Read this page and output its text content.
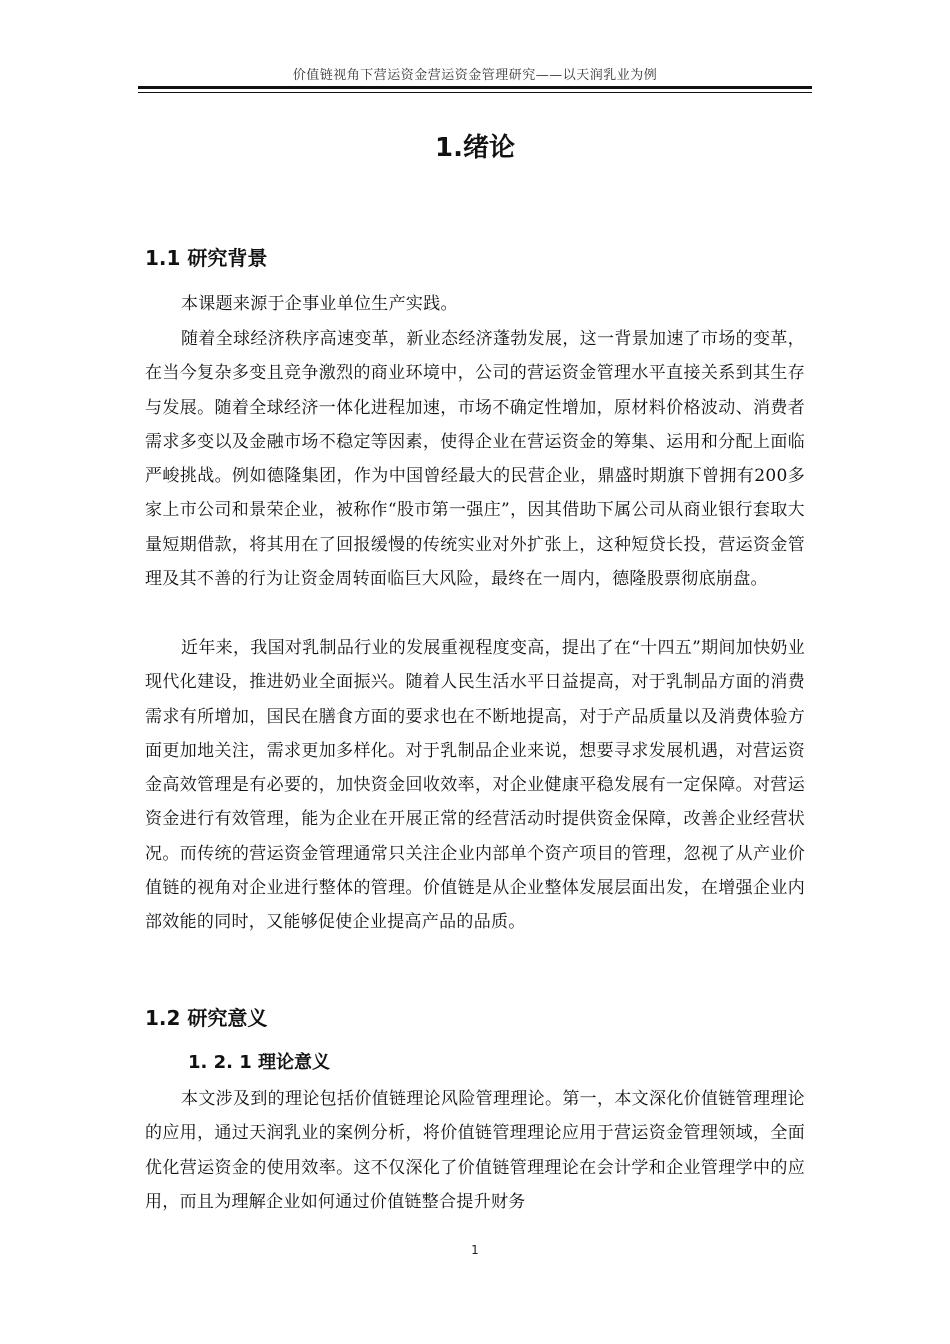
价值链视角下营运资金营运资金管理研究——以天润乳业为例
1.绪论
1.1 研究背景

本课题来源于企事业单位生产实践。

随着全球经济秩序高速变革，新业态经济蓬勃发展，这一背景加速了市场的变革，在当今复杂多变且竞争激烈的商业环境中，公司的营运资金管理水平直接关系到其生存与发展。随着全球经济一体化进程加速，市场不确定性增加，原材料价格波动、消费者需求多变以及金融市场不稳定等因素，使得企业在营运资金的筹集、运用和分配上面临严峻挑战。例如德隆集团，作为中国曾经最大的民营企业，鼎盛时期旗下曾拥有200多家上市公司和景荣企业，被称作“股市第一强庄”，因其借助下属公司从商业银行套取大量短期借款，将其用在了回报缓慢的传统实业对外扩张上，这种短贷长投，营运资金管理及其不善的行为让资金周转面临巨大风险，最终在一周内，德隆股票彻底崩盘。

近年来，我国对乳制品行业的发展重视程度变高，提出了在“十四五”期间加快奶业现代化建设，推进奶业全面振兴。随着人民生活水平日益提高，对于乳制品方面的消费需求有所增加，国民在膳食方面的要求也在不断地提高，对于产品质量以及消费体验方面更加地关注，需求更加多样化。对于乳制品企业来说，想要寻求发展机遇，对营运资金高效管理是有必要的，加快资金回收效率，对企业健康平稳发展有一定保障。对营运资金进行有效管理，能为企业在开展正常的经营活动时提供资金保障，改善企业经营状况。而传统的营运资金管理通常只关注企业内部单个资产项目的管理，忽视了从产业价值链的视角对企业进行整体的管理。价值链是从企业整体发展层面出发，在增强企业内部效能的同时，又能够促使企业提高产品的品质。

1.2 研究意义
1. 2. 1 理论意义

本文涉及到的理论包括价值链理论风险管理理论。第一，本文深化价值链管理理论的应用，通过天润乳业的案例分析，将价值链管理理论应用于营运资金管理领域，全面优化营运资金的使用效率。这不仅深化了价值链管理理论在会计学和企业管理学中的应用，而且为理解企业如何通过价值链整合提升财务

1
